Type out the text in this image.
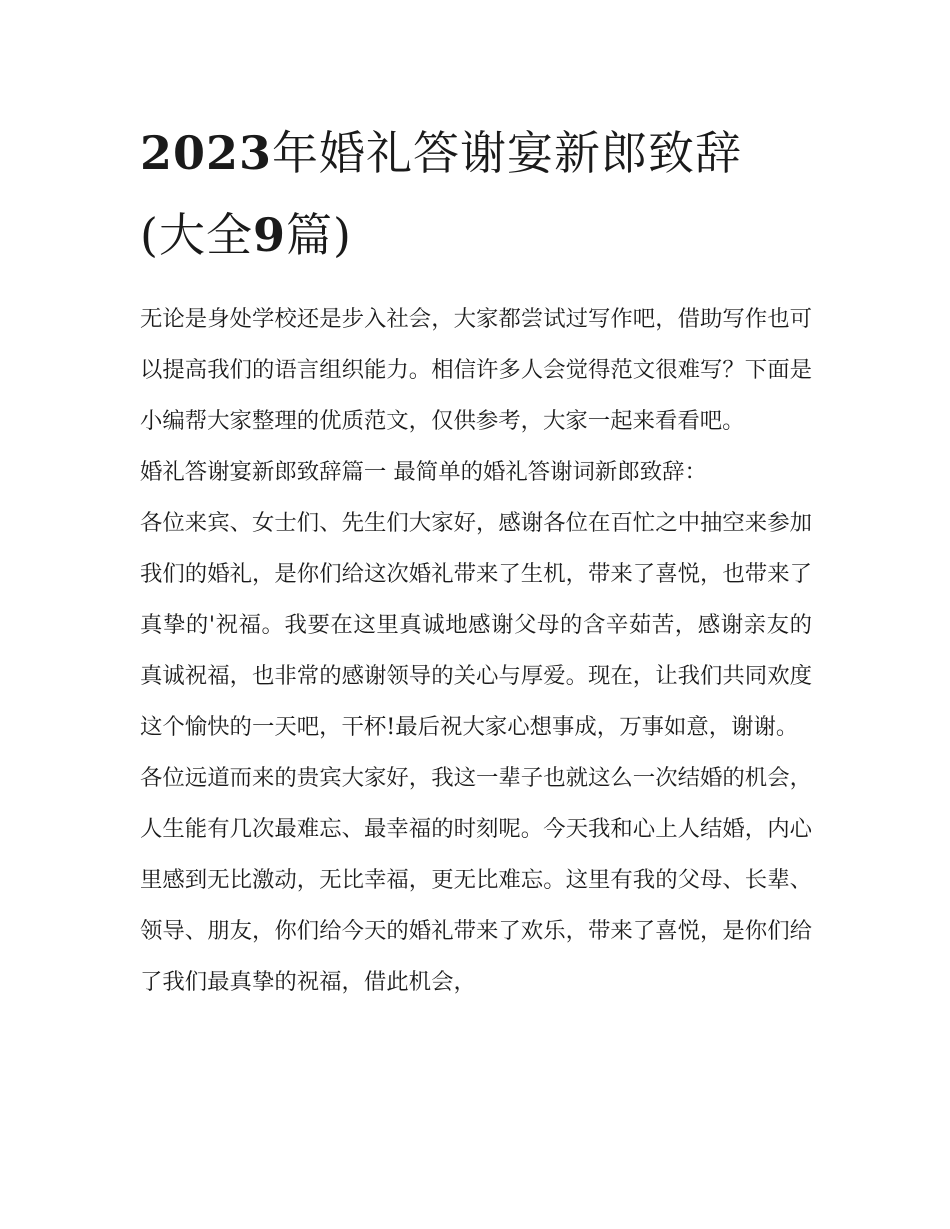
2023年婚礼答谢宴新郎致辞
(大全9篇)

无论是身处学校还是步入社会，大家都尝试过写作吧，借助写作也可以提高我们的语言组织能力。相信许多人会觉得范文很难写？下面是小编帮大家整理的优质范文，仅供参考，大家一起来看看吧。

婚礼答谢宴新郎致辞篇一 最简单的婚礼答谢词新郎致辞：

各位来宾、女士们、先生们大家好，感谢各位在百忙之中抽空来参加我们的婚礼，是你们给这次婚礼带来了生机，带来了喜悦，也带来了真挚的'祝福。我要在这里真诚地感谢父母的含辛茹苦，感谢亲友的真诚祝福，也非常的感谢领导的关心与厚爱。现在，让我们共同欢度这个愉快的一天吧，干杯!最后祝大家心想事成，万事如意，谢谢。

各位远道而来的贵宾大家好，我这一辈子也就这么一次结婚的机会，人生能有几次最难忘、最幸福的时刻呢。今天我和心上人结婚，内心里感到无比激动，无比幸福，更无比难忘。这里有我的父母、长辈、领导、朋友，你们给今天的婚礼带来了欢乐，带来了喜悦，是你们给了我们最真挚的祝福，借此机会，
